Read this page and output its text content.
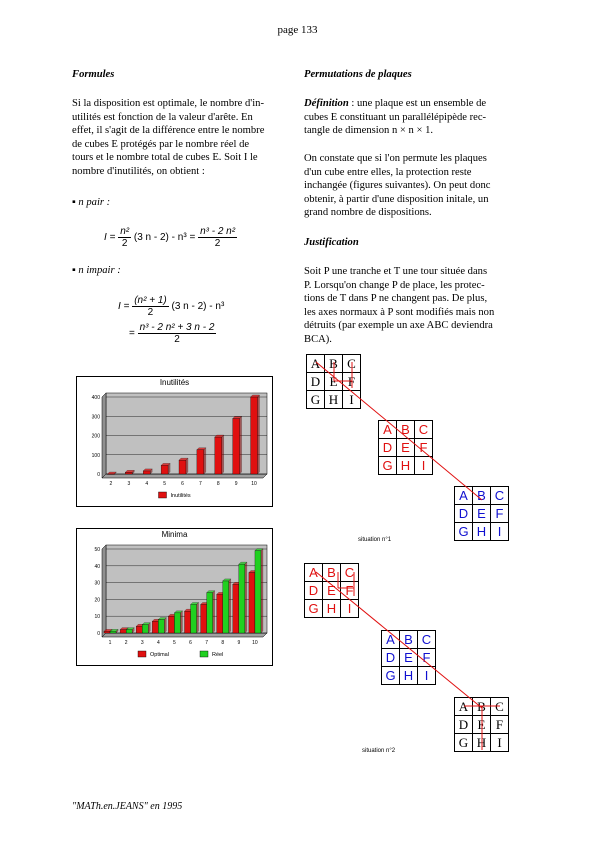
page 133
Formules
Si la disposition est optimale, le nombre d'in-
utilités est fonction de la valeur d'arête. En
effet, il s'agit de la différence entre le nombre
de cubes E protégés par le nombre réel de
tours et le nombre total de cubes E. Soit I le
nombre d'inutilités, on obtient :
▪ n pair :
$I = \frac{\text{n²}}{2} (3$ $n - 2) - n^3 = \frac{\text{n³ - 2 n²}}{2}$
▪ n impair :
$I = \frac{\text{(n² + 1)}}{2} (3$ n - 2) - n³
= $\frac{\text{n³ - 2 n² + 3 n - 2}}{2}$
Inutilités
0
100
200
300
400
2	3	4	5	6	7	8	9	10
Inutilités
Minima
0
10
20
30
40
50
1	2	3	4	5	6	7	8	9 10
Optimal	Réel
Permutations de plaques
Définition : une plaque est un ensemble de
cubes E constituant un parallélépipède rec-
tangle de dimension n × n × 1.
On constate que si l'on permute les plaques
d'un cube entre elles, la protection reste
inchangée (figures suivantes). On peut donc
obtenir, à partir d'une disposition initale, un
grand nombre de dispositions.
Justification
Soit P une tranche et T une tour située dans
P. Lorsqu'on change P de place, les protec-
tions de T dans P ne changent pas. De plus,
les axes normaux à P sont modifiés mais non
détruits (par exemple un axe ABC deviendra
BCA).
A	B	C
D	E	F
G	H	I
A	B	C
D	E	F
G	H	I
A	B	C
D	E	F
G	H	I
situation n°1
A	B	C
D	E	F
G	H	I
A	B	C
D	E	F
G	H	I
A	B	C
D	E	F
G	H	I
situation n°2
"MATh.en.JEANS" en 1995
